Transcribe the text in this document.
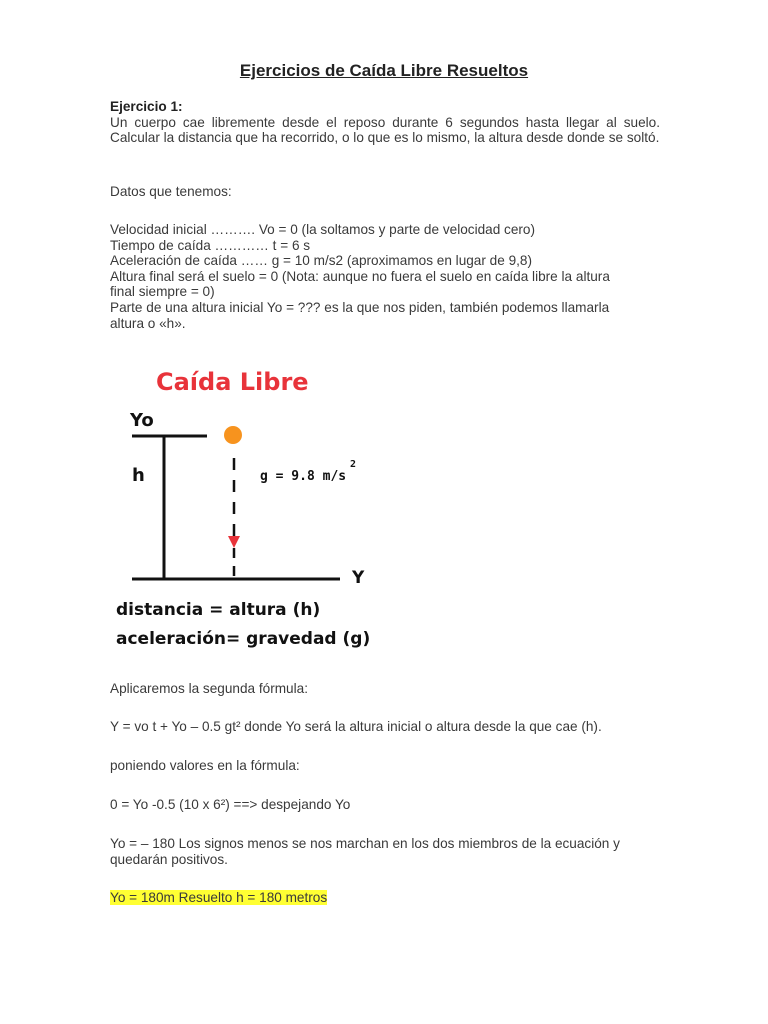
Ejercicios de Caída Libre Resueltos
Ejercicio 1:
Un cuerpo cae libremente desde el reposo durante 6 segundos hasta llegar al suelo. Calcular la distancia que ha recorrido, o lo que es lo mismo, la altura desde donde se soltó.
Datos que tenemos:
Velocidad inicial ………. Vo = 0 (la soltamos y parte de velocidad cero)
Tiempo de caída ………… t = 6 s
Aceleración de caída …… g = 10 m/s2 (aproximamos en lugar de 9,8)
Altura final será el suelo = 0 (Nota: aunque no fuera el suelo en caída libre la altura
final siempre = 0)
Parte de una altura inicial Yo = ??? es la que nos piden, también podemos llamarla
altura o «h».
Caída Libre
Yo
h	g = 9.8 m/s
2
Y
distancia = altura (h)
aceleración= gravedad (g)
Aplicaremos la segunda fórmula:
Y = vo t + Yo – 0.5 gt² donde Yo será la altura inicial o altura desde la que cae (h).
poniendo valores en la fórmula:
0 = Yo -0.5 (10 x 6²) ==> despejando Yo
Yo = – 180 Los signos menos se nos marchan en los dos miembros de la ecuación y
quedarán positivos.
Yo = 180m Resuelto h = 180 metros
